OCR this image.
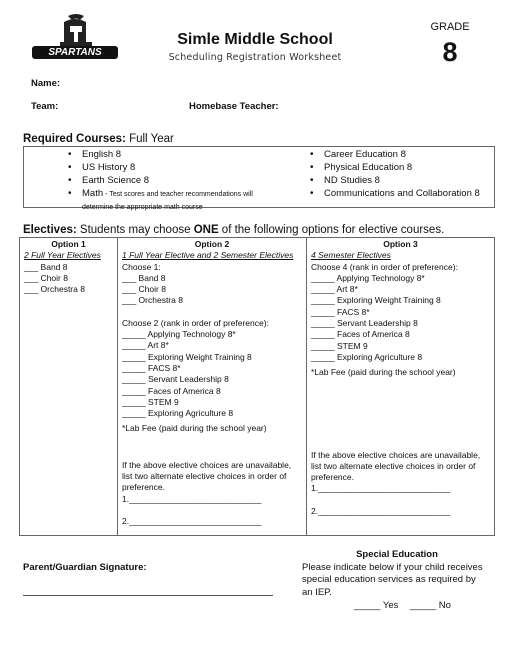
SPARTANS
Simle Middle School
Scheduling Registration Worksheet
GRADE
8
Name:
Team:	Homebase Teacher:
Required Courses: Full Year
• English 8
• US History 8
• Earth Science 8
• Math - Test scores and teacher recommendations will
determine the appropriate math course
• Career Education 8
• Physical Education 8
• ND Studies 8
• Communications and Collaboration 8
Electives: Students may choose ONE of the following options for elective courses.
Option 1
2 Full Year Electives
___ Band 8
___ Choir 8
___ Orchestra 8
Option 2
1 Full Year Elective and 2 Semester Electives
Choose 1:
___ Band 8
___ Choir 8
___ Orchestra 8
Choose 2 (rank in order of preference):
_____ Applying Technology 8*
_____ Art 8*
_____ Exploring Weight Training 8
_____ FACS 8*
_____ Servant Leadership 8
_____ Faces of America 8
_____ STEM 9
_____ Exploring Agriculture 8
*Lab Fee (paid during the school year)
If the above elective choices are unavailable,
list two alternate elective choices in order of
preference.
1.____________________________
2.____________________________
Option 3
4 Semester Electives
Choose 4 (rank in order of preference):
_____ Applying Technology 8*
_____ Art 8*
_____ Exploring Weight Training 8
_____ FACS 8*
_____ Servant Leadership 8
_____ Faces of America 8
_____ STEM 9
_____ Exploring Agriculture 8
*Lab Fee (paid during the school year)
If the above elective choices are unavailable,
list two alternate elective choices in order of
preference.
1.____________________________
2.____________________________
Parent/Guardian Signature:
Special Education
Please indicate below if your child receives
special education services as required by
an IEP.
_____ Yes _____ No
